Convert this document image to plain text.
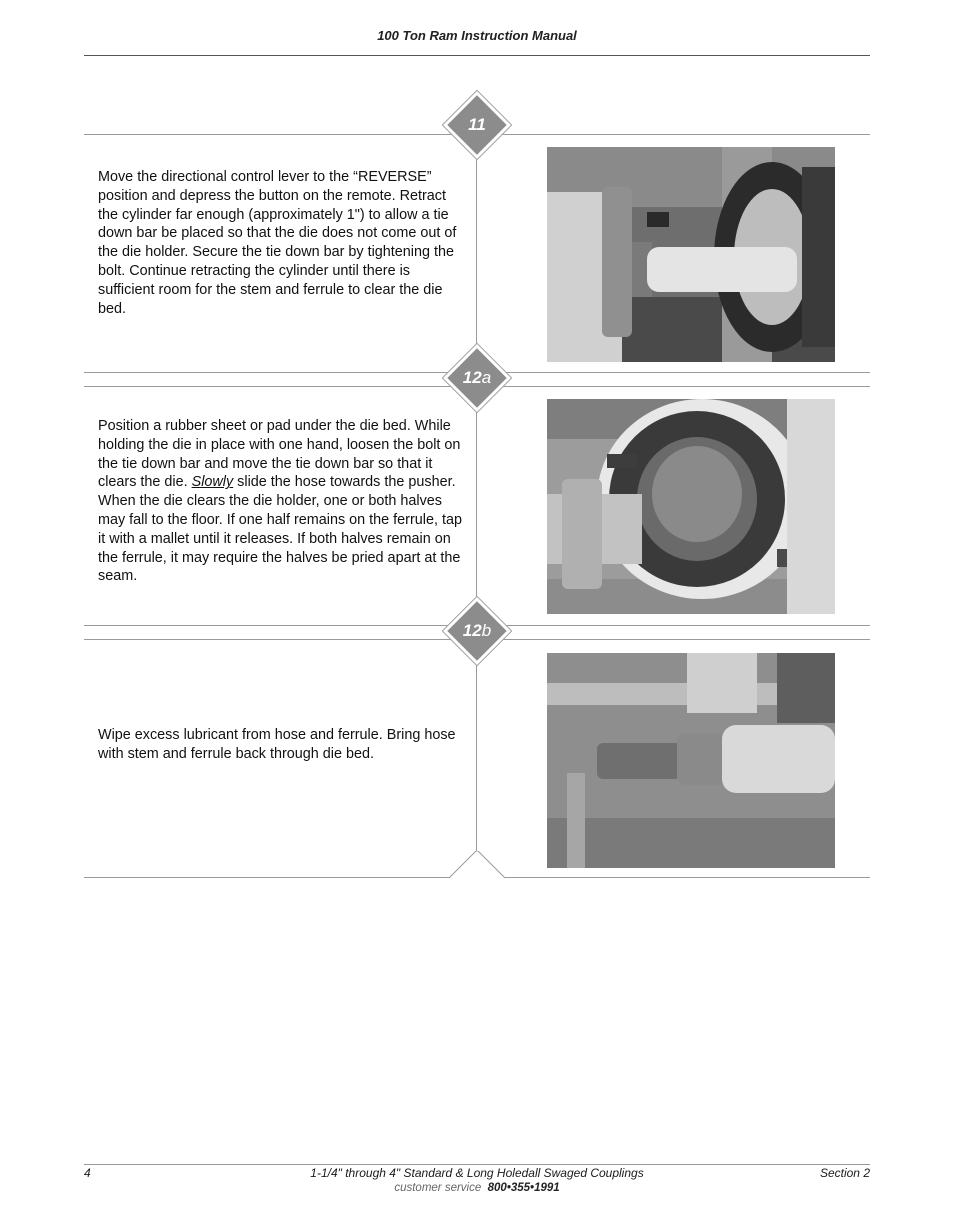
100 Ton Ram Instruction Manual
11
Move the directional control lever to the “REVERSE” position and depress the button on the remote. Retract the cylinder far enough (approximately 1") to allow a tie down bar be placed so that the die does not come out of the die holder. Secure the tie down bar by tightening the bolt. Continue retracting the cylinder until there is sufficient room for the stem and ferrule to clear the die bed.
12a
Position a rubber sheet or pad under the die bed. While holding the die in place with one hand, loosen the bolt on the tie down bar and move the tie down bar so that it clears the die. Slowly slide the hose towards the pusher. When the die clears the die holder, one or both halves may fall to the floor. If one half remains on the ferrule, tap it with a mallet until it releases. If both halves remain on the ferrule, it may require the halves be pried apart at the seam.
12b
Wipe excess lubricant from hose and ferrule. Bring hose with stem and ferrule back through die bed.
4	1-1/4" through 4" Standard & Long Holedall Swaged Couplings	Section 2
customer service 800•355•1991
